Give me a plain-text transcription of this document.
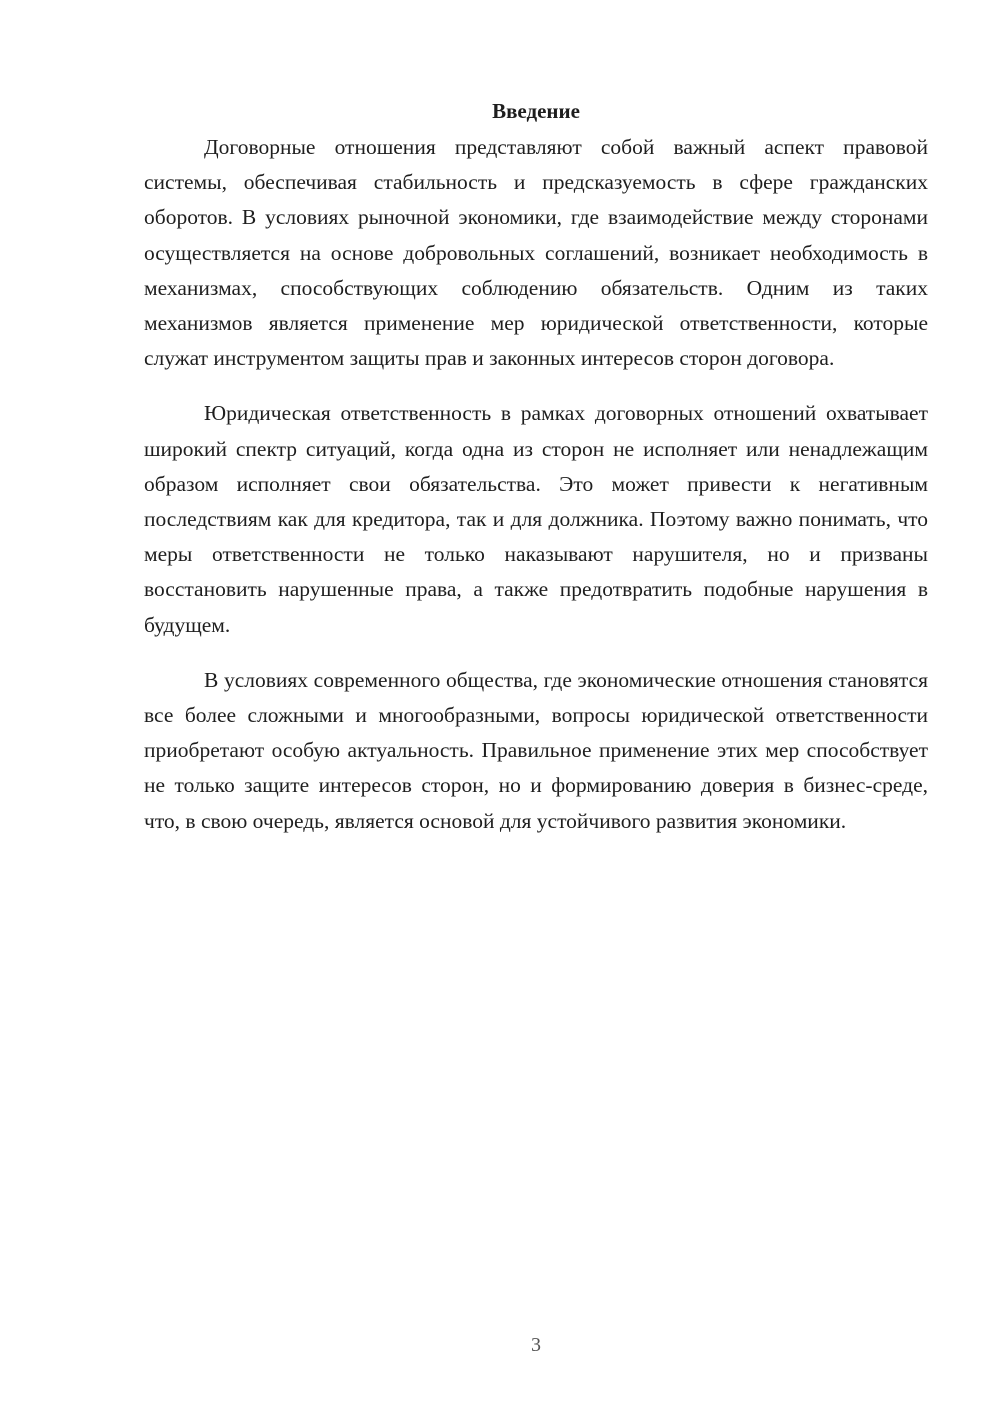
Введение

Договорные отношения представляют собой важный аспект правовой системы, обеспечивая стабильность и предсказуемость в сфере гражданских оборотов. В условиях рыночной экономики, где взаимодействие между сторонами осуществляется на основе добровольных соглашений, возникает необходимость в механизмах, способствующих соблюдению обязательств. Одним из таких механизмов является применение мер юридической ответственности, которые служат инструментом защиты прав и законных интересов сторон договора.

Юридическая ответственность в рамках договорных отношений охватывает широкий спектр ситуаций, когда одна из сторон не исполняет или ненадлежащим образом исполняет свои обязательства. Это может привести к негативным последствиям как для кредитора, так и для должника. Поэтому важно понимать, что меры ответственности не только наказывают нарушителя, но и призваны восстановить нарушенные права, а также предотвратить подобные нарушения в будущем.

В условиях современного общества, где экономические отношения становятся все более сложными и многообразными, вопросы юридической ответственности приобретают особую актуальность. Правильное применение этих мер способствует не только защите интересов сторон, но и формированию доверия в бизнес-среде, что, в свою очередь, является основой для устойчивого развития экономики.

3
